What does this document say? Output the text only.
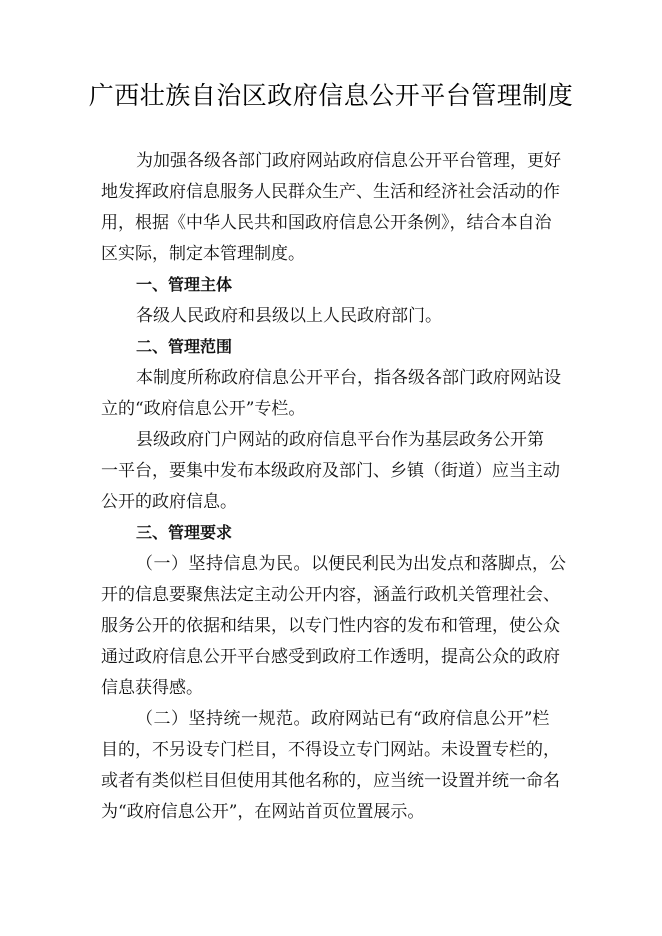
广西壮族自治区政府信息公开平台管理制度
为加强各级各部门政府网站政府信息公开平台管理，更好
地发挥政府信息服务人民群众生产、生活和经济社会活动的作
用，根据《中华人民共和国政府信息公开条例》，结合本自治
区实际，制定本管理制度。
一、管理主体
各级人民政府和县级以上人民政府部门。
二、管理范围
本制度所称政府信息公开平台，指各级各部门政府网站设
立的“政府信息公开”专栏。
县级政府门户网站的政府信息平台作为基层政务公开第
一平台，要集中发布本级政府及部门、乡镇（街道）应当主动
公开的政府信息。
三、管理要求
（一）坚持信息为民。以便民利民为出发点和落脚点，公
开的信息要聚焦法定主动公开内容，涵盖行政机关管理社会、
服务公开的依据和结果，以专门性内容的发布和管理，使公众
通过政府信息公开平台感受到政府工作透明，提高公众的政府
信息获得感。
（二）坚持统一规范。政府网站已有“政府信息公开”栏
目的，不另设专门栏目，不得设立专门网站。未设置专栏的，
或者有类似栏目但使用其他名称的，应当统一设置并统一命名
为“政府信息公开”，在网站首页位置展示。
